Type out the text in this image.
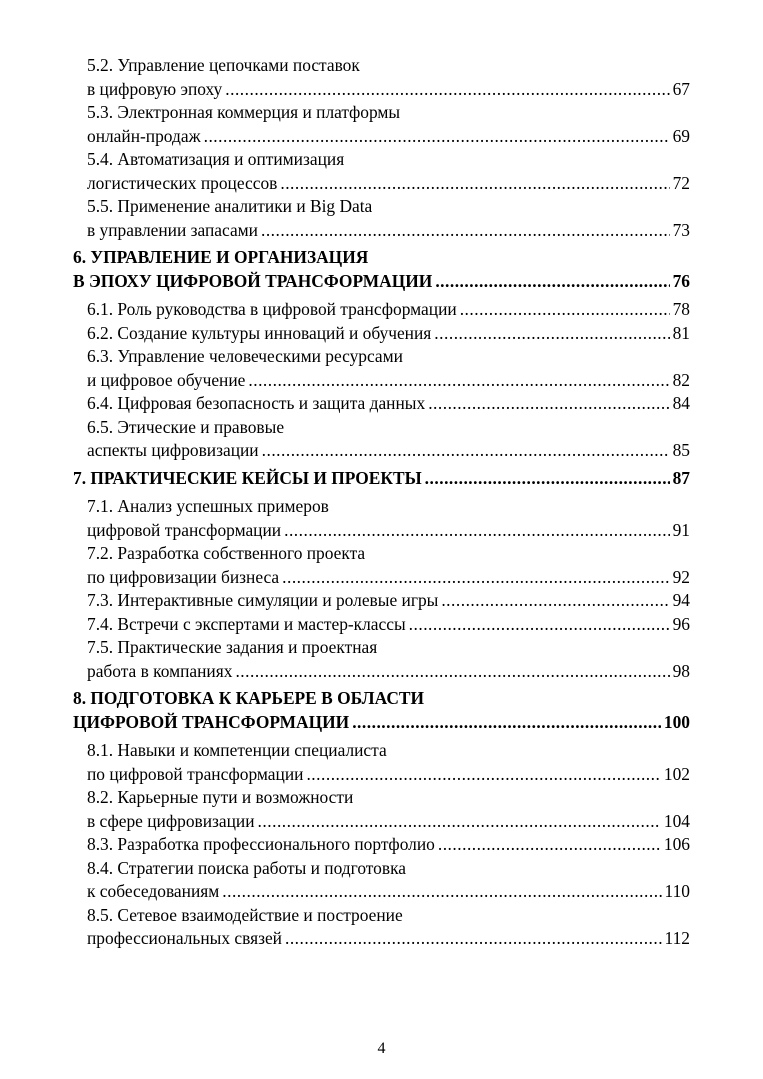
5.2. Управление цепочками поставок
в цифровую эпоху .....	67
5.3. Электронная коммерция и платформы
онлайн-продаж .....	69
5.4. Автоматизация и оптимизация
логистических процессов .....	72
5.5. Применение аналитики и Big Data
в управлении запасами .....	73
6. УПРАВЛЕНИЕ И ОРГАНИЗАЦИЯ
В ЭПОХУ ЦИФРОВОЙ ТРАНСФОРМАЦИИ .....	76
6.1. Роль руководства в цифровой трансформации .....	78
6.2. Создание культуры инноваций и обучения .....	81
6.3. Управление человеческими ресурсами
и цифровое обучение .....	82
6.4. Цифровая безопасность и защита данных .....	84
6.5. Этические и правовые
аспекты цифровизации .....	85
7. ПРАКТИЧЕСКИЕ КЕЙСЫ И ПРОЕКТЫ .....	87
7.1. Анализ успешных примеров
цифровой трансформации .....	91
7.2. Разработка собственного проекта
по цифровизации бизнеса .....	92
7.3. Интерактивные симуляции и ролевые игры .....	94
7.4. Встречи с экспертами и мастер-классы .....	96
7.5. Практические задания и проектная
работа в компаниях .....	98
8. ПОДГОТОВКА К КАРЬЕРЕ В ОБЛАСТИ
ЦИФРОВОЙ ТРАНСФОРМАЦИИ .....	100
8.1. Навыки и компетенции специалиста
по цифровой трансформации .....	102
8.2. Карьерные пути и возможности
в сфере цифровизации .....	104
8.3. Разработка профессионального портфолио .....	106
8.4. Стратегии поиска работы и подготовка
к собеседованиям .....	110
8.5. Сетевое взаимодействие и построение
профессиональных связей .....	112
4
